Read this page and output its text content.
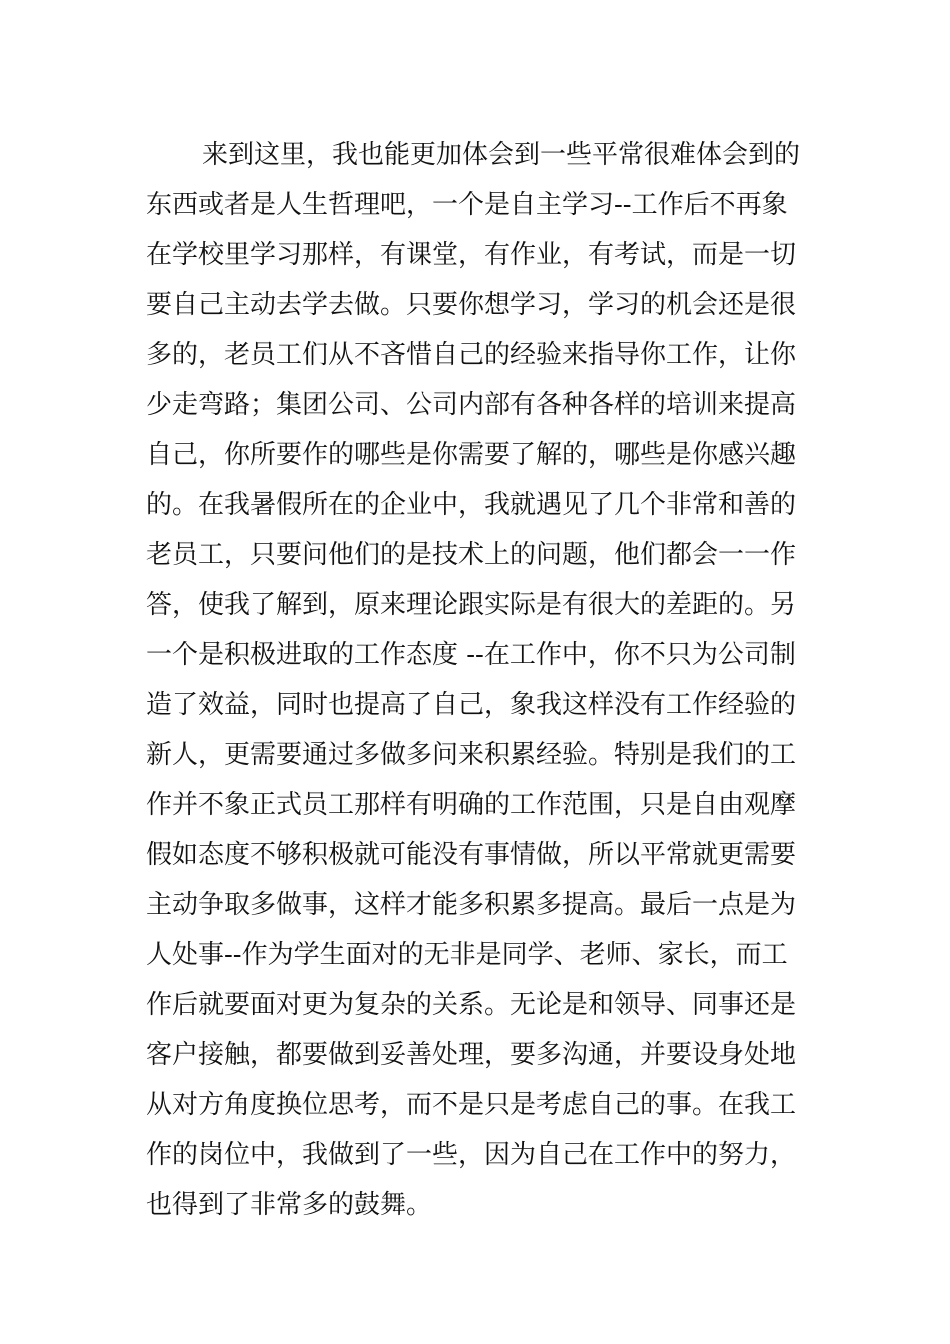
来到这里，我也能更加体会到一些平常很难体会到的
东西或者是人生哲理吧，一个是自主学习--工作后不再象
在学校里学习那样，有课堂，有作业，有考试，而是一切
要自己主动去学去做。只要你想学习，学习的机会还是很
多的，老员工们从不吝惜自己的经验来指导你工作，让你
少走弯路；集团公司、公司内部有各种各样的培训来提高
自己，你所要作的哪些是你需要了解的，哪些是你感兴趣
的。在我暑假所在的企业中，我就遇见了几个非常和善的
老员工，只要问他们的是技术上的问题，他们都会一一作
答，使我了解到，原来理论跟实际是有很大的差距的。另
一个是积极进取的工作态度 --在工作中，你不只为公司制
造了效益，同时也提高了自己，象我这样没有工作经验的
新人，更需要通过多做多问来积累经验。特别是我们的工
作并不象正式员工那样有明确的工作范围，只是自由观摩
假如态度不够积极就可能没有事情做，所以平常就更需要
主动争取多做事，这样才能多积累多提高。最后一点是为
人处事--作为学生面对的无非是同学、老师、家长，而工
作后就要面对更为复杂的关系。无论是和领导、同事还是
客户接触，都要做到妥善处理，要多沟通，并要设身处地
从对方角度换位思考，而不是只是考虑自己的事。在我工
作的岗位中，我做到了一些，因为自己在工作中的努力，
也得到了非常多的鼓舞。
